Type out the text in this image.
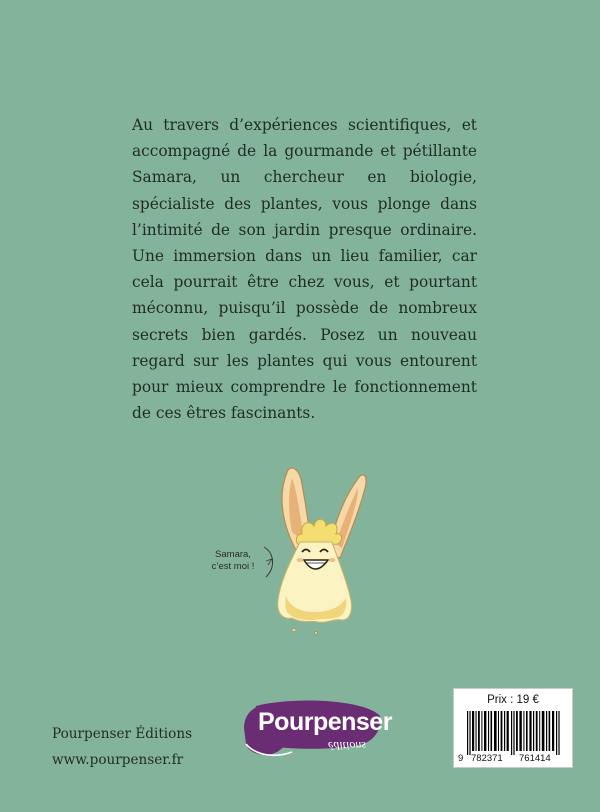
Au travers d’expériences scientifiques, et accompagné de la gourmande et pétillante Samara, un chercheur en biologie, spécialiste des plantes, vous plonge dans l’intimité de son jardin presque ordinaire. Une immersion dans un lieu familier, car cela pourrait être chez vous, et pourtant méconnu, puisqu’il possède de nombreux secrets bien gardés. Posez un nouveau regard sur les plantes qui vous entourent pour mieux comprendre le fonctionnement de ces êtres fascinants.

Samara,
c’est moi !
Pourpenser Éditions
www.pourpenser.fr
Pourpenser
éditions
Prix : 19 €
9 782371 761414
